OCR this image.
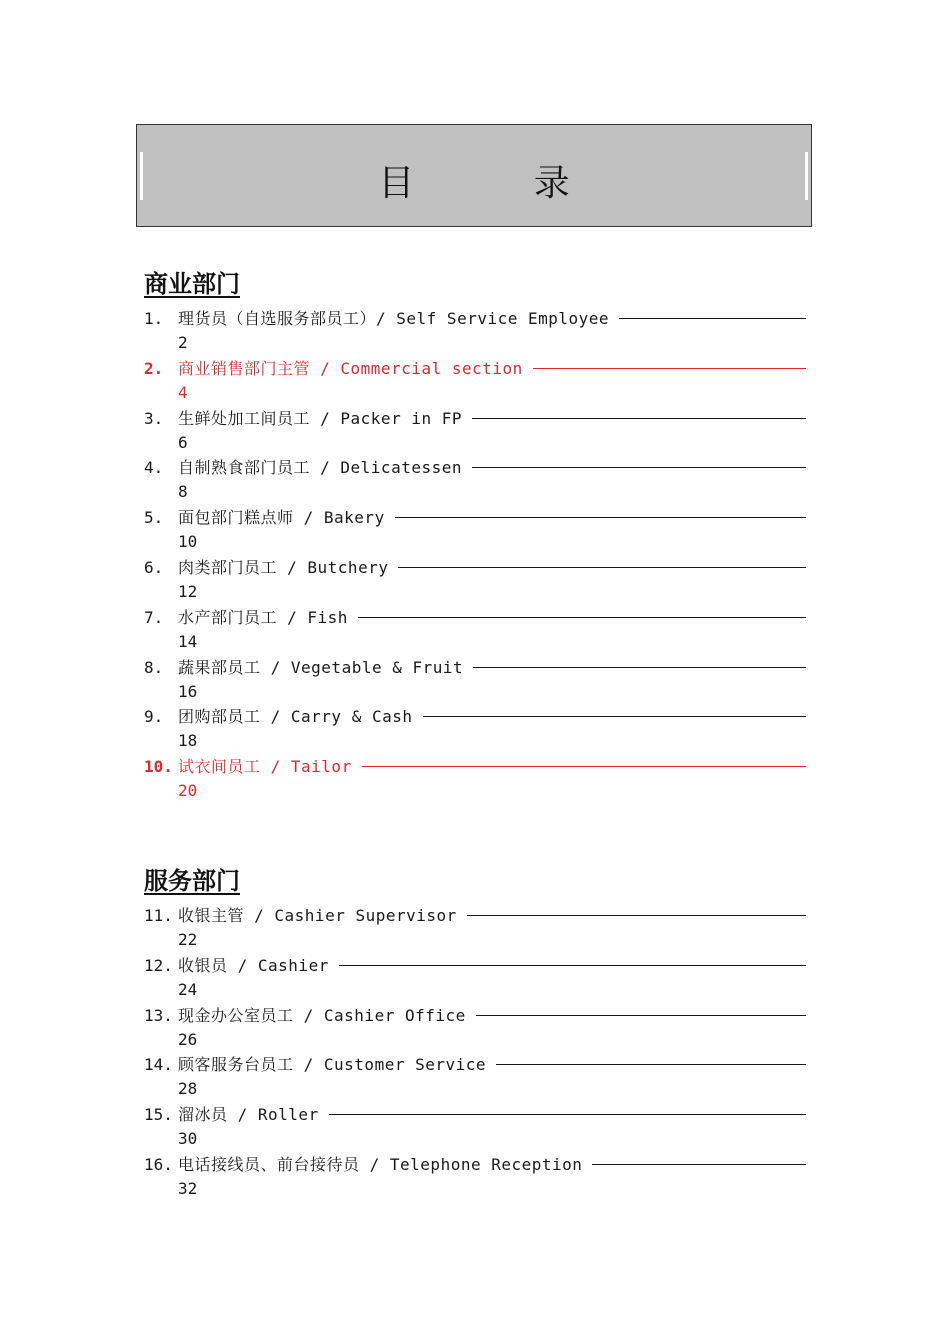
目 录
商业部门
1. 理货员（自选服务部员工）/ Self Service Employee
2
2. 商业销售部门主管 / Commercial section
4
3. 生鲜处加工间员工 / Packer in FP
6
4. 自制熟食部门员工 / Delicatessen
8
5. 面包部门糕点师 / Bakery
10
6. 肉类部门员工 / Butchery
12
7. 水产部门员工 / Fish
14
8. 蔬果部员工 / Vegetable & Fruit
16
9. 团购部员工 / Carry & Cash
18
10. 试衣间员工 / Tailor
20
服务部门
11. 收银主管 / Cashier Supervisor
22
12. 收银员 / Cashier
24
13. 现金办公室员工 / Cashier Office
26
14. 顾客服务台员工 / Customer Service
28
15. 溜冰员 / Roller
30
16. 电话接线员、前台接待员 / Telephone Reception
32
